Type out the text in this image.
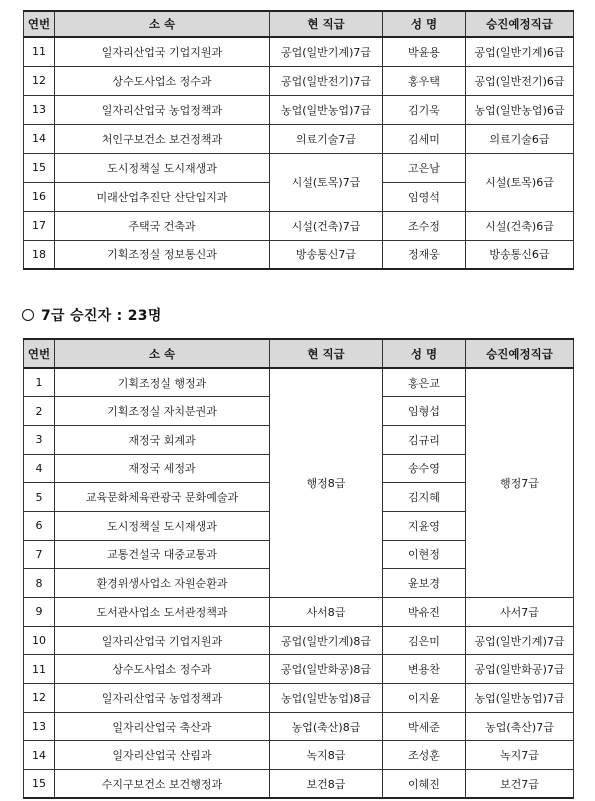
연번	소 속	현 직급	성 명	승진예정직급
11	일자리산업국 기업지원과	공업(일반기계)7급	박윤용	공업(일반기계)6급
12	상수도사업소 정수과	공업(일반전기)7급	홍우택	공업(일반전기)6급
13	일자리산업국 농업정책과	농업(일반농업)7급	김기욱	농업(일반농업)6급
14	처인구보건소 보건정책과	의료기술7급	김세미	의료기술6급
15	도시정책실 도시재생과	시설(토목)7급	고은남	시설(토목)6급
16	미래산업추진단 산단입지과		임영석	
17	주택국 건축과	시설(건축)7급	조수정	시설(건축)6급
18	기획조정실 정보통신과	방송통신7급	정재웅	방송통신6급
7급 승진자 : 23명
연번	소 속	현 직급	성 명	승진예정직급
1	기획조정실 행정과	행정8급	홍은교	행정7급
2	기획조정실 자치분권과		임형섭	
3	재정국 회계과		김규리	
4	재정국 세정과		송수영	
5	교육문화체육관광국 문화예술과		김지혜	
6	도시정책실 도시재생과		지윤영	
7	교통건설국 대중교통과		이현정	
8	환경위생사업소 자원순환과		윤보경	
9	도서관사업소 도서관정책과	사서8급	박유진	사서7급
10	일자리산업국 기업지원과	공업(일반기계)8급	김은미	공업(일반기계)7급
11	상수도사업소 정수과	공업(일반화공)8급	변용찬	공업(일반화공)7급
12	일자리산업국 농업정책과	농업(일반농업)8급	이지윤	농업(일반농업)7급
13	일자리산업국 축산과	농업(축산)8급	박세준	농업(축산)7급
14	일자리산업국 산림과	녹지8급	조성훈	녹지7급
15	수지구보건소 보건행정과	보건8급	이혜진	보건7급
